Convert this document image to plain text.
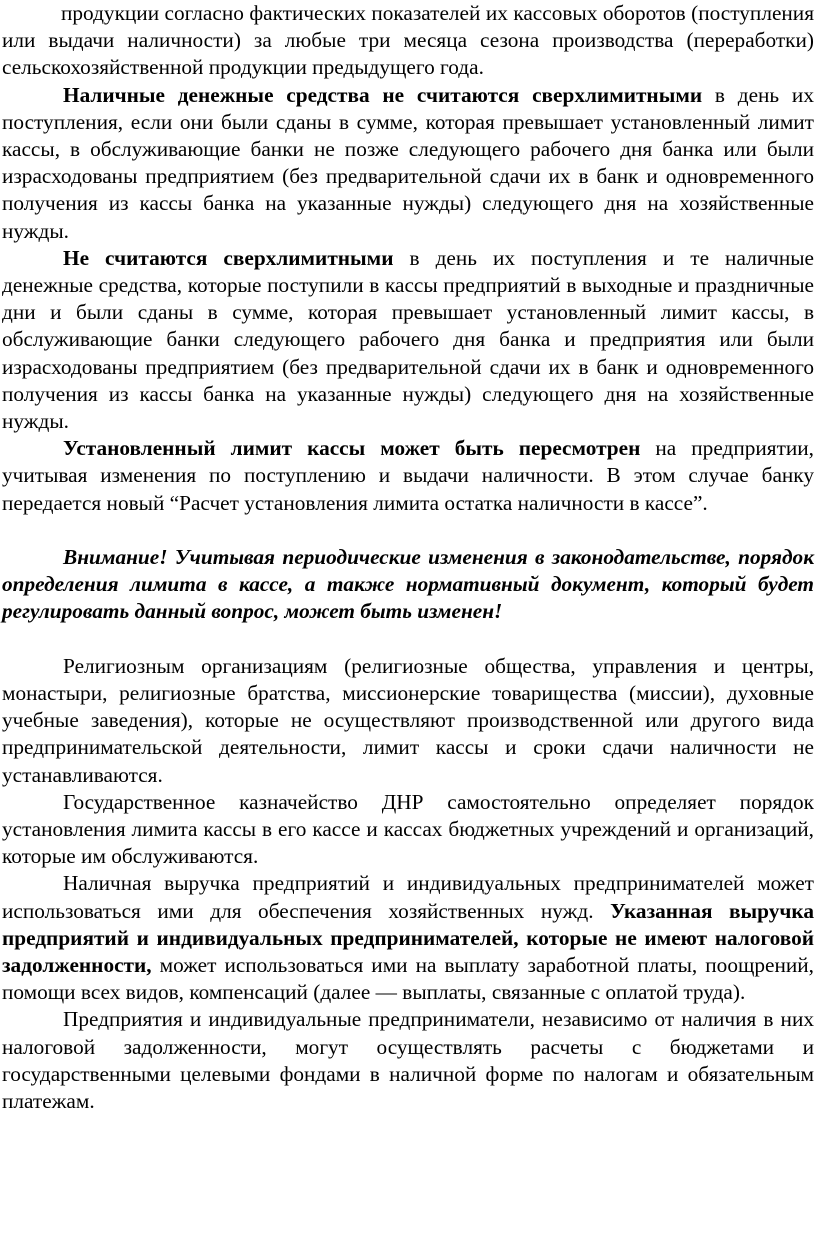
продукции согласно фактических показателей их кассовых оборотов (поступления или выдачи наличности) за любые три месяца сезона производства (переработки) сельскохозяйственной продукции предыдущего года.

Наличные денежные средства не считаются сверхлимитными в день их поступления, если они были сданы в сумме, которая превышает установленный лимит кассы, в обслуживающие банки не позже следующего рабочего дня банка или были израсходованы предприятием (без предварительной сдачи их в банк и одновременного получения из кассы банка на указанные нужды) следующего дня на хозяйственные нужды.

Не считаются сверхлимитными в день их поступления и те наличные денежные средства, которые поступили в кассы предприятий в выходные и праздничные дни и были сданы в сумме, которая превышает установленный лимит кассы, в обслуживающие банки следующего рабочего дня банка и предприятия или были израсходованы предприятием (без предварительной сдачи их в банк и одновременного получения из кассы банка на указанные нужды) следующего дня на хозяйственные нужды.

Установленный лимит кассы может быть пересмотрен на предприятии, учитывая изменения по поступлению и выдачи наличности. В этом случае банку передается новый “Расчет установления лимита остатка наличности в кассе”.

Внимание! Учитывая периодические изменения в законодательстве, порядок определения лимита в кассе, а также нормативный документ, который будет регулировать данный вопрос, может быть изменен!

Религиозным организациям (религиозные общества, управления и центры, монастыри, религиозные братства, миссионерские товарищества (миссии), духовные учебные заведения), которые не осуществляют производственной или другого вида предпринимательской деятельности, лимит кассы и сроки сдачи наличности не устанавливаются.

Государственное казначейство ДНР самостоятельно определяет порядок установления лимита кассы в его кассе и кассах бюджетных учреждений и организаций, которые им обслуживаются.

Наличная выручка предприятий и индивидуальных предпринимателей может использоваться ими для обеспечения хозяйственных нужд. Указанная выручка предприятий и индивидуальных предпринимателей, которые не имеют налоговой задолженности, может использоваться ими на выплату заработной платы, поощрений, помощи всех видов, компенсаций (далее — выплаты, связанные с оплатой труда).

Предприятия и индивидуальные предприниматели, независимо от наличия в них налоговой задолженности, могут осуществлять расчеты с бюджетами и государственными целевыми фондами в наличной форме по налогам и обязательным платежам.
